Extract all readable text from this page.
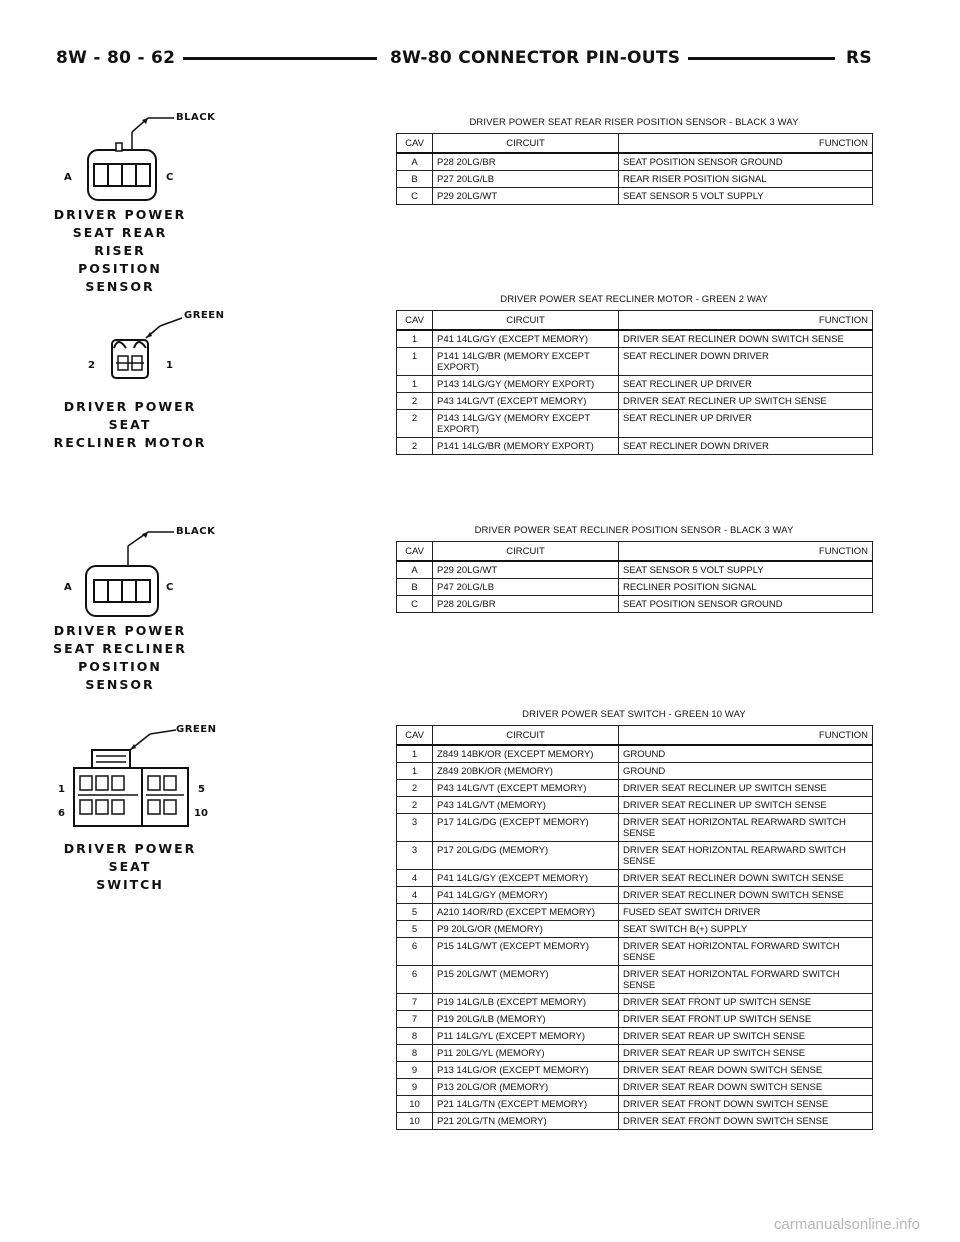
8W - 80 - 62	8W-80 CONNECTOR PIN-OUTS	RS
BLACK
A	C
DRIVER POWER
SEAT REAR RISER
POSITION SENSOR
DRIVER POWER SEAT REAR RISER POSITION SENSOR - BLACK 3 WAY
CAV	CIRCUIT	FUNCTION
A	P28 20LG/BR	SEAT POSITION SENSOR GROUND
B	P27 20LG/LB	REAR RISER POSITION SIGNAL
C	P29 20LG/WT	SEAT SENSOR 5 VOLT SUPPLY
GREEN
2	1
DRIVER POWER SEAT
RECLINER MOTOR
DRIVER POWER SEAT RECLINER MOTOR - GREEN 2 WAY
CAV	CIRCUIT	FUNCTION
1	P41 14LG/GY (EXCEPT MEMORY)	DRIVER SEAT RECLINER DOWN SWITCH SENSE
1	P141 14LG/BR (MEMORY EXCEPT EXPORT)	SEAT RECLINER DOWN DRIVER
1	P143 14LG/GY (MEMORY EXPORT)	SEAT RECLINER UP DRIVER
2	P43 14LG/VT (EXCEPT MEMORY)	DRIVER SEAT RECLINER UP SWITCH SENSE
2	P143 14LG/GY (MEMORY EXCEPT EXPORT)	SEAT RECLINER UP DRIVER
2	P141 14LG/BR (MEMORY EXPORT)	SEAT RECLINER DOWN DRIVER
BLACK
A	C
DRIVER POWER
SEAT RECLINER
POSITION SENSOR
DRIVER POWER SEAT RECLINER POSITION SENSOR - BLACK 3 WAY
CAV	CIRCUIT	FUNCTION
A	P29 20LG/WT	SEAT SENSOR 5 VOLT SUPPLY
B	P47 20LG/LB	RECLINER POSITION SIGNAL
C	P28 20LG/BR	SEAT POSITION SENSOR GROUND
GREEN
1	5
6	10
DRIVER POWER SEAT
SWITCH
DRIVER POWER SEAT SWITCH - GREEN 10 WAY
CAV	CIRCUIT	FUNCTION
1	Z849 14BK/OR (EXCEPT MEMORY)	GROUND
1	Z849 20BK/OR (MEMORY)	GROUND
2	P43 14LG/VT (EXCEPT MEMORY)	DRIVER SEAT RECLINER UP SWITCH SENSE
2	P43 14LG/VT (MEMORY)	DRIVER SEAT RECLINER UP SWITCH SENSE
3	P17 14LG/DG (EXCEPT MEMORY)	DRIVER SEAT HORIZONTAL REARWARD SWITCH SENSE
3	P17 20LG/DG (MEMORY)	DRIVER SEAT HORIZONTAL REARWARD SWITCH SENSE
4	P41 14LG/GY (EXCEPT MEMORY)	DRIVER SEAT RECLINER DOWN SWITCH SENSE
4	P41 14LG/GY (MEMORY)	DRIVER SEAT RECLINER DOWN SWITCH SENSE
5	A210 14OR/RD (EXCEPT MEMORY)	FUSED SEAT SWITCH DRIVER
5	P9 20LG/OR (MEMORY)	SEAT SWITCH B(+) SUPPLY
6	P15 14LG/WT (EXCEPT MEMORY)	DRIVER SEAT HORIZONTAL FORWARD SWITCH SENSE
6	P15 20LG/WT (MEMORY)	DRIVER SEAT HORIZONTAL FORWARD SWITCH SENSE
7	P19 14LG/LB (EXCEPT MEMORY)	DRIVER SEAT FRONT UP SWITCH SENSE
7	P19 20LG/LB (MEMORY)	DRIVER SEAT FRONT UP SWITCH SENSE
8	P11 14LG/YL (EXCEPT MEMORY)	DRIVER SEAT REAR UP SWITCH SENSE
8	P11 20LG/YL (MEMORY)	DRIVER SEAT REAR UP SWITCH SENSE
9	P13 14LG/OR (EXCEPT MEMORY)	DRIVER SEAT REAR DOWN SWITCH SENSE
9	P13 20LG/OR (MEMORY)	DRIVER SEAT REAR DOWN SWITCH SENSE
10	P21 14LG/TN (EXCEPT MEMORY)	DRIVER SEAT FRONT DOWN SWITCH SENSE
10	P21 20LG/TN (MEMORY)	DRIVER SEAT FRONT DOWN SWITCH SENSE
carmanualsonline.info
